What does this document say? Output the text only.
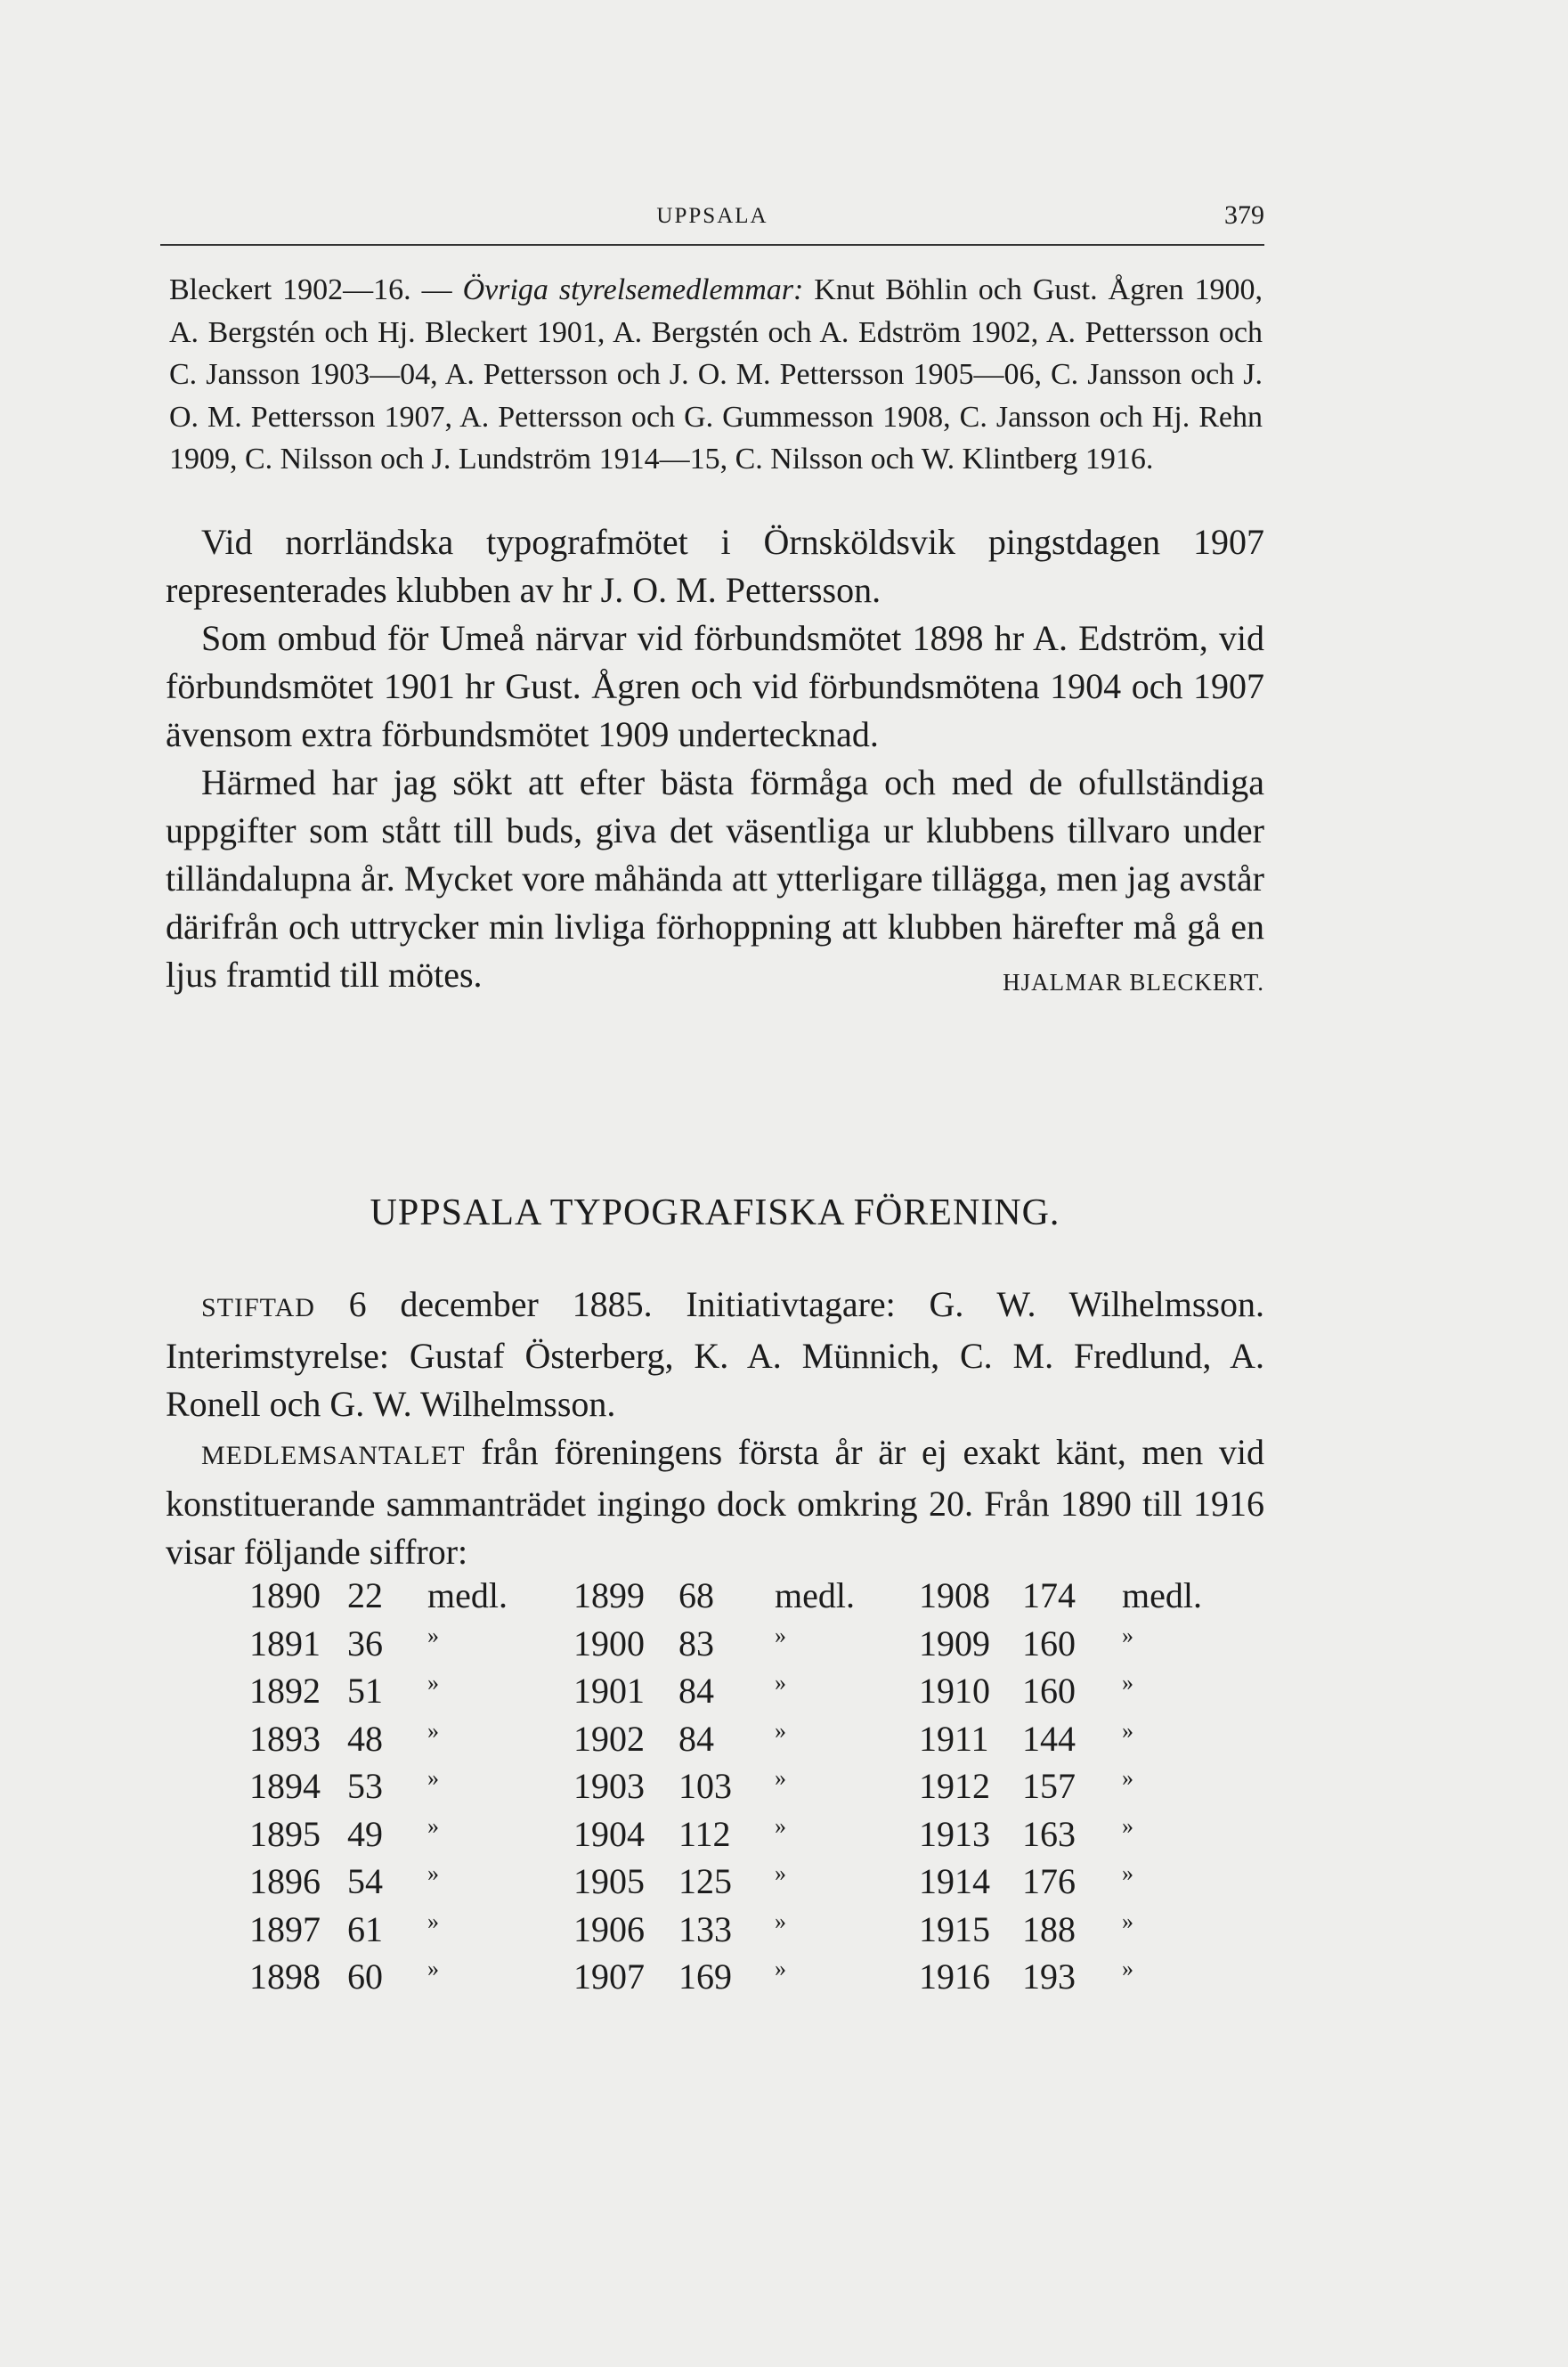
UPPSALA	379

Bleckert 1902—16. — Övriga styrelsemedlemmar: Knut Böhlin och Gust. Ågren 1900, A. Bergstén och Hj. Bleckert 1901, A. Bergstén och A. Edström 1902, A. Pettersson och C. Jansson 1903—04, A. Pettersson och J. O. M. Pettersson 1905—06, C. Jansson och J. O. M. Pettersson 1907, A. Pettersson och G. Gummesson 1908, C. Jansson och Hj. Rehn 1909, C. Nilsson och J. Lundström 1914—15, C. Nilsson och W. Klintberg 1916.

Vid norrländska typografmötet i Örnsköldsvik pingstdagen 1907 representerades klubben av hr J. O. M. Pettersson.

Som ombud för Umeå närvar vid förbundsmötet 1898 hr A. Edström, vid förbundsmötet 1901 hr Gust. Ågren och vid förbundsmötena 1904 och 1907 ävensom extra förbundsmötet 1909 undertecknad.

Härmed har jag sökt att efter bästa förmåga och med de ofullständiga uppgifter som stått till buds, giva det väsentliga ur klubbens tillvaro under tilländalupna år. Mycket vore måhända att ytterligare tillägga, men jag avstår därifrån och uttrycker min livliga förhoppning att klubben härefter må gå en ljus framtid till mötes.	HJALMAR BLECKERT.

UPPSALA TYPOGRAFISKA FÖRENING.

STIFTAD 6 december 1885. Initiativtagare: G. W. Wilhelmsson. Interimstyrelse: Gustaf Österberg, K. A. Münnich, C. M. Fredlund, A. Ronell och G. W. Wilhelmsson.

MEDLEMSANTALET från föreningens första år är ej exakt känt, men vid konstituerande sammanträdet ingingo dock omkring 20. Från 1890 till 1916 visar följande siffror:

1890 22 medl. 1899 68 medl. 1908 174 medl.
1891 36 »	1900 83	»	1909 160 »
1892 51 »	1901 84	»	1910 160 »
1893 48 »	1902 84	»	1911 144 »
1894 53 »	1903 103 »	1912 157 »
1895 49 »	1904 112 »	1913 163 »
1896 54 »	1905 125 »	1914 176 »
1897 61 »	1906 133 »	1915 188 »
1898 60 »	1907 169 »	1916 193 »
